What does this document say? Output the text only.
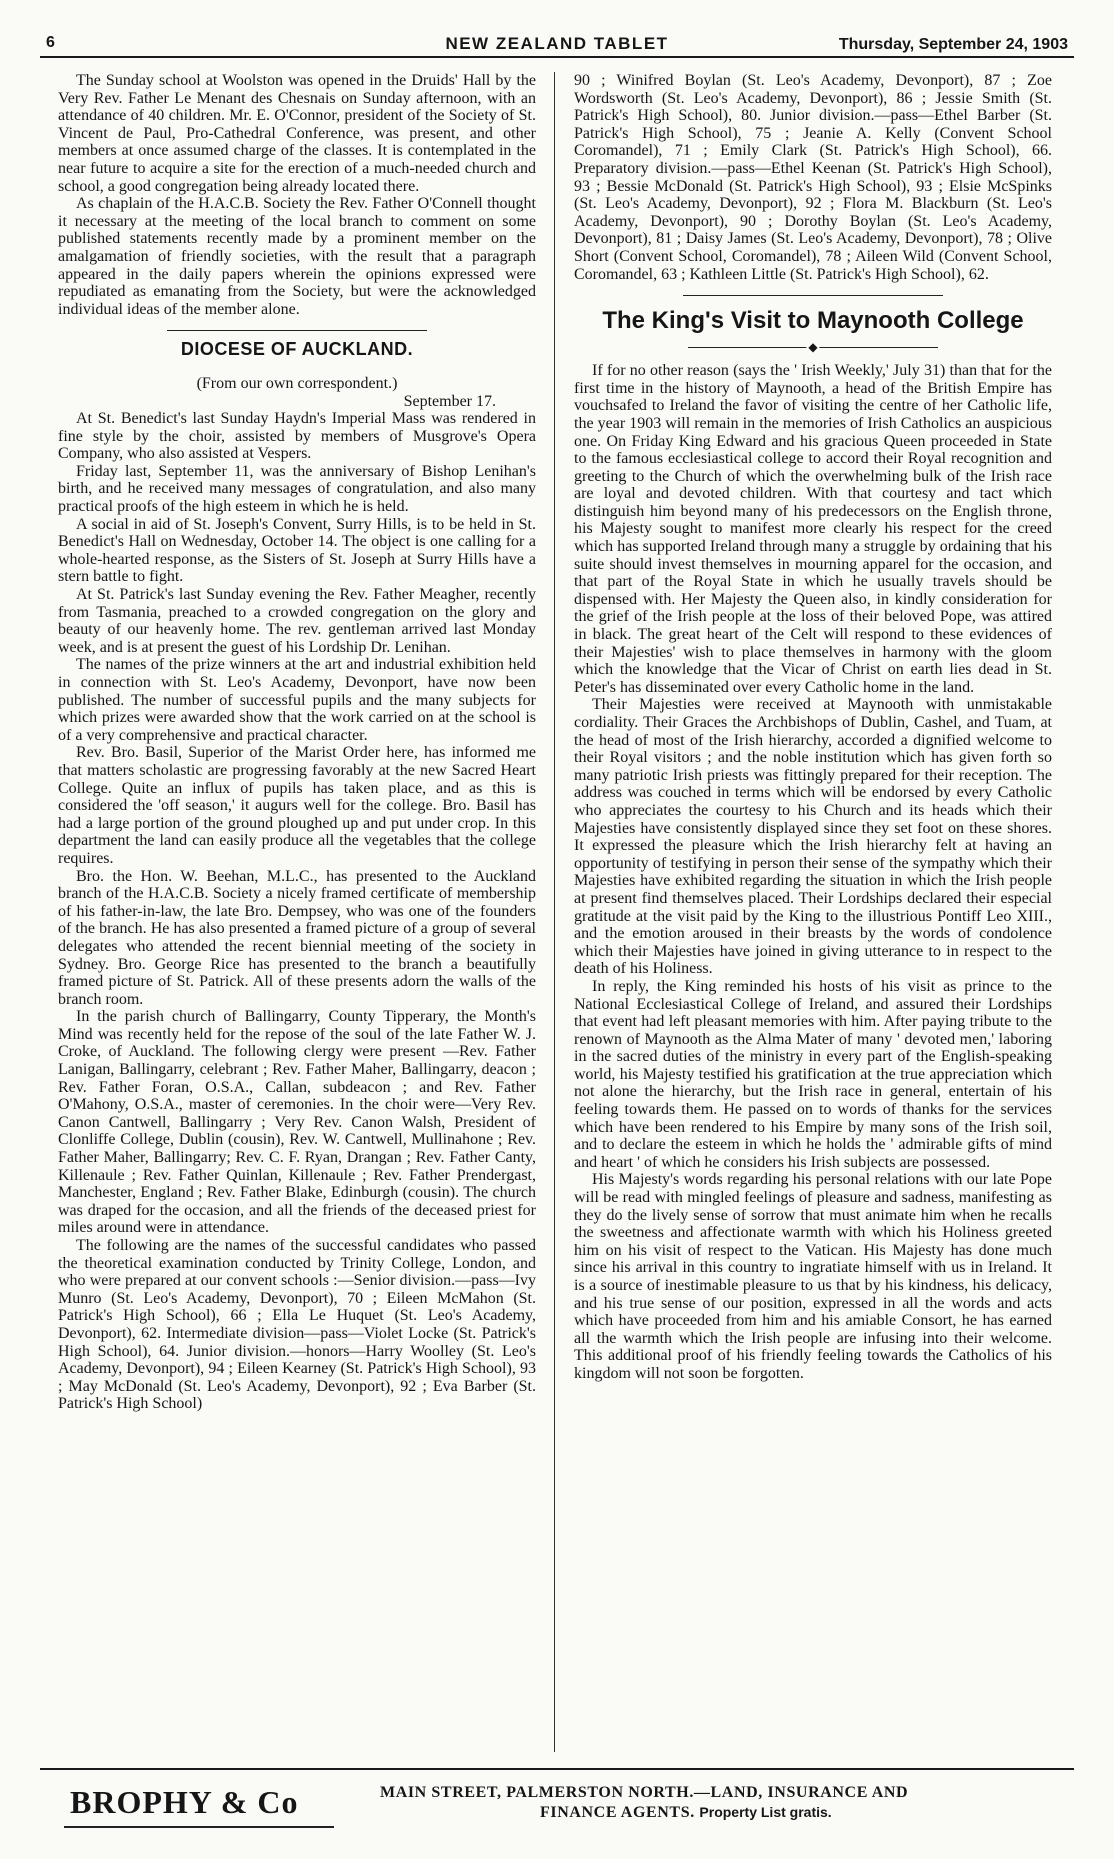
6	NEW ZEALAND TABLET	Thursday, September 24, 1903

The Sunday school at Woolston was opened in the Druids' Hall by the Very Rev. Father Le Menant des Chesnais on Sunday afternoon, with an attendance of 40 children. Mr. E. O'Connor, president of the Society of St. Vincent de Paul, Pro-Cathedral Conference, was present, and other members at once assumed charge of the classes. It is contemplated in the near future to acquire a site for the erection of a much-needed church and school, a good congregation being already located there.

As chaplain of the H.A.C.B. Society the Rev. Father O'Connell thought it necessary at the meeting of the local branch to comment on some published statements recently made by a prominent member on the amalgamation of friendly societies, with the result that a paragraph appeared in the daily papers wherein the opinions expressed were repudiated as emanating from the Society, but were the acknowledged individual ideas of the member alone.

DIOCESE OF AUCKLAND.

(From our own correspondent.)

September 17.

At St. Benedict's last Sunday Haydn's Imperial Mass was rendered in fine style by the choir, assisted by members of Musgrove's Opera Company, who also assisted at Vespers.

Friday last, September 11, was the anniversary of Bishop Lenihan's birth, and he received many messages of congratulation, and also many practical proofs of the high esteem in which he is held.

A social in aid of St. Joseph's Convent, Surry Hills, is to be held in St. Benedict's Hall on Wednesday, October 14. The object is one calling for a whole-hearted response, as the Sisters of St. Joseph at Surry Hills have a stern battle to fight.

At St. Patrick's last Sunday evening the Rev. Father Meagher, recently from Tasmania, preached to a crowded congregation on the glory and beauty of our heavenly home. The rev. gentleman arrived last Monday week, and is at present the guest of his Lordship Dr. Lenihan.

The names of the prize winners at the art and industrial exhibition held in connection with St. Leo's Academy, Devonport, have now been published. The number of successful pupils and the many subjects for which prizes were awarded show that the work carried on at the school is of a very comprehensive and practical character.

Rev. Bro. Basil, Superior of the Marist Order here, has informed me that matters scholastic are progressing favorably at the new Sacred Heart College. Quite an influx of pupils has taken place, and as this is considered the 'off season,' it augurs well for the college. Bro. Basil has had a large portion of the ground ploughed up and put under crop. In this department the land can easily produce all the vegetables that the college requires.

Bro. the Hon. W. Beehan, M.L.C., has presented to the Auckland branch of the H.A.C.B. Society a nicely framed certificate of membership of his father-in-law, the late Bro. Dempsey, who was one of the founders of the branch. He has also presented a framed picture of a group of several delegates who attended the recent biennial meeting of the society in Sydney. Bro. George Rice has presented to the branch a beautifully framed picture of St. Patrick. All of these presents adorn the walls of the branch room.

In the parish church of Ballingarry, County Tipperary, the Month's Mind was recently held for the repose of the soul of the late Father W. J. Croke, of Auckland. The following clergy were present —Rev. Father Lanigan, Ballingarry, celebrant ; Rev. Father Maher, Ballingarry, deacon ; Rev. Father Foran, O.S.A., Callan, subdeacon ; and Rev. Father O'Mahony, O.S.A., master of ceremonies. In the choir were—Very Rev. Canon Cantwell, Ballingarry ; Very Rev. Canon Walsh, President of Clonliffe College, Dublin (cousin), Rev. W. Cantwell, Mullinahone ; Rev. Father Maher, Ballingarry; Rev. C. F. Ryan, Drangan ; Rev. Father Canty, Killenaule ; Rev. Father Quinlan, Killenaule ; Rev. Father Prendergast, Manchester, England ; Rev. Father Blake, Edinburgh (cousin). The church was draped for the occasion, and all the friends of the deceased priest for miles around were in attendance.

The following are the names of the successful candidates who passed the theoretical examination conducted by Trinity College, London, and who were prepared at our convent schools :—Senior division.—pass—Ivy Munro (St. Leo's Academy, Devonport), 70 ; Eileen McMahon (St. Patrick's High School), 66 ; Ella Le Huquet (St. Leo's Academy, Devonport), 62. Intermediate division—pass—Violet Locke (St. Patrick's High School), 64. Junior division.—honors—Harry Woolley (St. Leo's Academy, Devonport), 94 ; Eileen Kearney (St. Patrick's High School), 93 ; May McDonald (St. Leo's Academy, Devonport), 92 ; Eva Barber (St. Patrick's High School)

90 ; Winifred Boylan (St. Leo's Academy, Devonport), 87 ; Zoe Wordsworth (St. Leo's Academy, Devonport), 86 ; Jessie Smith (St. Patrick's High School), 80. Junior division.—pass—Ethel Barber (St. Patrick's High School), 75 ; Jeanie A. Kelly (Convent School Coromandel), 71 ; Emily Clark (St. Patrick's High School), 66. Preparatory division.—pass—Ethel Keenan (St. Patrick's High School), 93 ; Bessie McDonald (St. Patrick's High School), 93 ; Elsie McSpinks (St. Leo's Academy, Devonport), 92 ; Flora M. Blackburn (St. Leo's Academy, Devonport), 90 ; Dorothy Boylan (St. Leo's Academy, Devonport), 81 ; Daisy James (St. Leo's Academy, Devonport), 78 ; Olive Short (Convent School, Coromandel), 78 ; Aileen Wild (Convent School, Coromandel, 63 ; Kathleen Little (St. Patrick's High School), 62.

The King's Visit to Maynooth College
◆

If for no other reason (says the ' Irish Weekly,' July 31) than that for the first time in the history of Maynooth, a head of the British Empire has vouchsafed to Ireland the favor of visiting the centre of her Catholic life, the year 1903 will remain in the memories of Irish Catholics an auspicious one. On Friday King Edward and his gracious Queen proceeded in State to the famous ecclesiastical college to accord their Royal recognition and greeting to the Church of which the overwhelming bulk of the Irish race are loyal and devoted children. With that courtesy and tact which distinguish him beyond many of his predecessors on the English throne, his Majesty sought to manifest more clearly his respect for the creed which has supported Ireland through many a struggle by ordaining that his suite should invest themselves in mourning apparel for the occasion, and that part of the Royal State in which he usually travels should be dispensed with. Her Majesty the Queen also, in kindly consideration for the grief of the Irish people at the loss of their beloved Pope, was attired in black. The great heart of the Celt will respond to these evidences of their Majesties' wish to place themselves in harmony with the gloom which the knowledge that the Vicar of Christ on earth lies dead in St. Peter's has disseminated over every Catholic home in the land.

Their Majesties were received at Maynooth with unmistakable cordiality. Their Graces the Archbishops of Dublin, Cashel, and Tuam, at the head of most of the Irish hierarchy, accorded a dignified welcome to their Royal visitors ; and the noble institution which has given forth so many patriotic Irish priests was fittingly prepared for their reception. The address was couched in terms which will be endorsed by every Catholic who appreciates the courtesy to his Church and its heads which their Majesties have consistently displayed since they set foot on these shores. It expressed the pleasure which the Irish hierarchy felt at having an opportunity of testifying in person their sense of the sympathy which their Majesties have exhibited regarding the situation in which the Irish people at present find themselves placed. Their Lordships declared their especial gratitude at the visit paid by the King to the illustrious Pontiff Leo XIII., and the emotion aroused in their breasts by the words of condolence which their Majesties have joined in giving utterance to in respect to the death of his Holiness.

In reply, the King reminded his hosts of his visit as prince to the National Ecclesiastical College of Ireland, and assured their Lordships that event had left pleasant memories with him. After paying tribute to the renown of Maynooth as the Alma Mater of many ' devoted men,' laboring in the sacred duties of the ministry in every part of the English-speaking world, his Majesty testified his gratification at the true appreciation which not alone the hierarchy, but the Irish race in general, entertain of his feeling towards them. He passed on to words of thanks for the services which have been rendered to his Empire by many sons of the Irish soil, and to declare the esteem in which he holds the ' admirable gifts of mind and heart ' of which he considers his Irish subjects are possessed.

His Majesty's words regarding his personal relations with our late Pope will be read with mingled feelings of pleasure and sadness, manifesting as they do the lively sense of sorrow that must animate him when he recalls the sweetness and affectionate warmth with which his Holiness greeted him on his visit of respect to the Vatican. His Majesty has done much since his arrival in this country to ingratiate himself with us in Ireland. It is a source of inestimable pleasure to us that by his kindness, his delicacy, and his true sense of our position, expressed in all the words and acts which have proceeded from him and his amiable Consort, he has earned all the warmth which the Irish people are infusing into their welcome. This additional proof of his friendly feeling towards the Catholics of his kingdom will not soon be forgotten.

BROPHY & Co	MAIN STREET, PALMERSTON NORTH.—LAND, INSURANCE AND
FINANCE AGENTS. Property List gratis.
